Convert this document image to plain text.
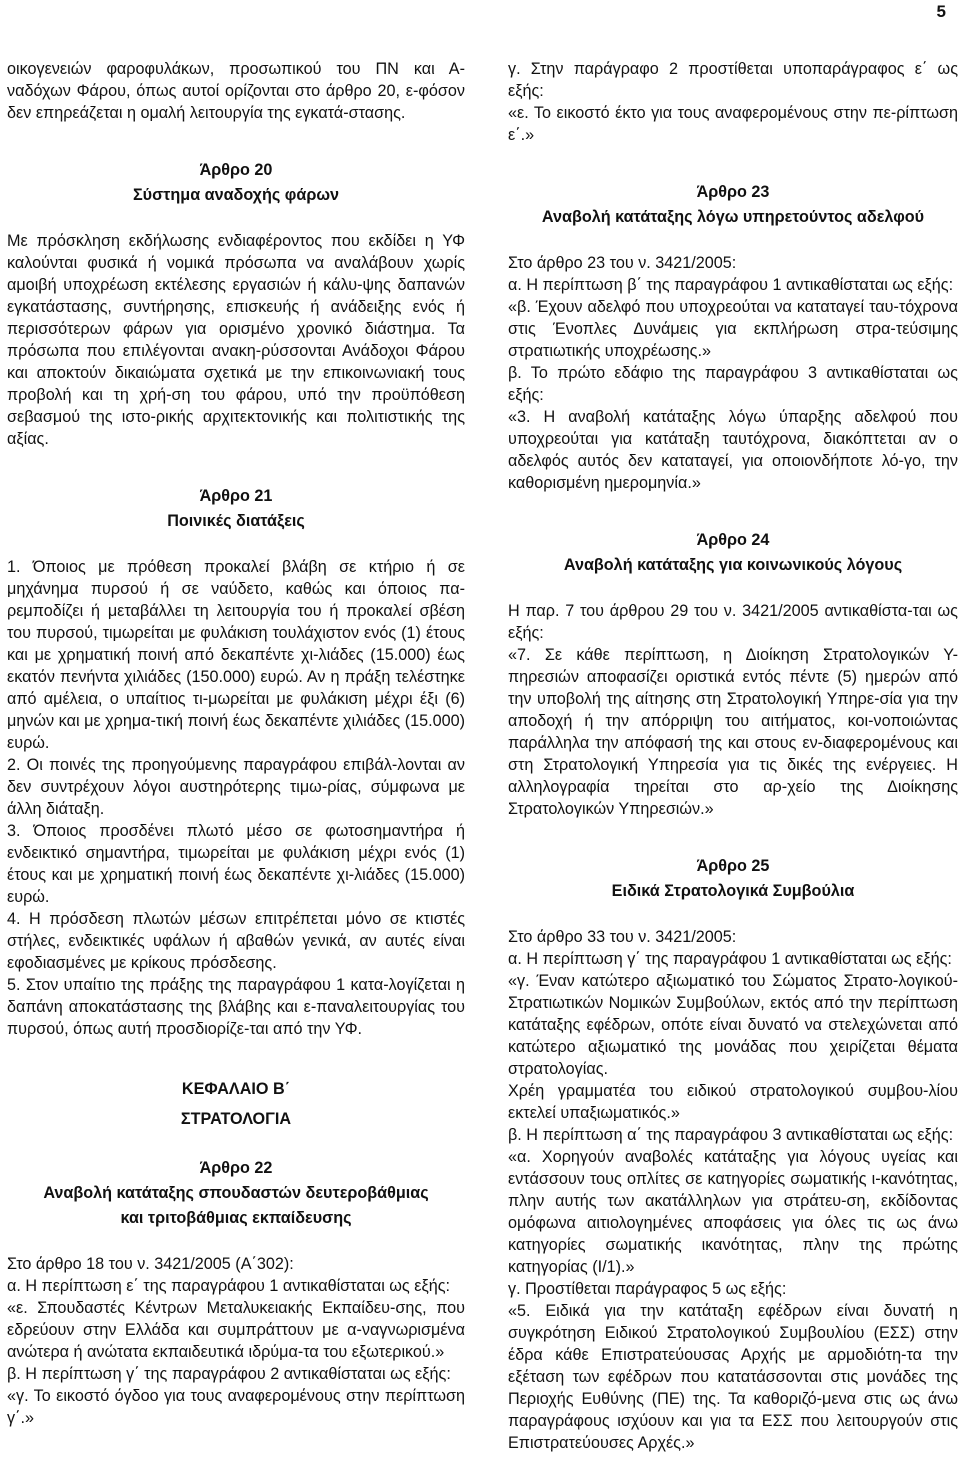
5

οικογενειών φαροφυλάκων, προσωπικού του ΠΝ και Α-ναδόχων Φάρου, όπως αυτοί ορίζονται στο άρθρο 20, ε-φόσον δεν επηρεάζεται η ομαλή λειτουργία της εγκατά-στασης.

Άρθρο 20
Σύστημα αναδοχής φάρων

Με πρόσκληση εκδήλωσης ενδιαφέροντος που εκδίδει η ΥΦ καλούνται φυσικά ή νομικά πρόσωπα να αναλάβουν χωρίς αμοιβή υποχρέωση εκτέλεσης εργασιών ή κάλυ-ψης δαπανών εγκατάστασης, συντήρησης, επισκευής ή ανάδειξης ενός ή περισσότερων φάρων για ορισμένο χρονικό διάστημα. Τα πρόσωπα που επιλέγονται ανακη-ρύσσονται Ανάδοχοι Φάρου και αποκτούν δικαιώματα σχετικά με την επικοινωνιακή τους προβολή και τη χρή-ση του φάρου, υπό την προϋπόθεση σεβασμού της ιστο-ρικής αρχιτεκτονικής και πολιτιστικής της αξίας.

Άρθρο 21
Ποινικές διατάξεις

1. Όποιος με πρόθεση προκαλεί βλάβη σε κτήριο ή σε μηχάνημα πυρσού ή σε ναύδετο, καθώς και όποιος πα-ρεμποδίζει ή μεταβάλλει τη λειτουργία του ή προκαλεί σβέση του πυρσού, τιμωρείται με φυλάκιση τουλάχιστον ενός (1) έτους και με χρηματική ποινή από δεκαπέντε χι-λιάδες (15.000) έως εκατόν πενήντα χιλιάδες (150.000) ευρώ. Αν η πράξη τελέστηκε από αμέλεια, ο υπαίτιος τι-μωρείται με φυλάκιση μέχρι έξι (6) μηνών και με χρημα-τική ποινή έως δεκαπέντε χιλιάδες (15.000) ευρώ.

2. Οι ποινές της προηγούμενης παραγράφου επιβάλ-λονται αν δεν συντρέχουν λόγοι αυστηρότερης τιμω-ρίας, σύμφωνα με άλλη διάταξη.

3. Όποιος προσδένει πλωτό μέσο σε φωτοσημαντήρα ή ενδεικτικό σημαντήρα, τιμωρείται με φυλάκιση μέχρι ενός (1) έτους και με χρηματική ποινή έως δεκαπέντε χι-λιάδες (15.000) ευρώ.

4. Η πρόσδεση πλωτών μέσων επιτρέπεται μόνο σε κτιστές στήλες, ενδεικτικές υφάλων ή αβαθών γενικά, αν αυτές είναι εφοδιασμένες με κρίκους πρόσδεσης.

5. Στον υπαίτιο της πράξης της παραγράφου 1 κατα-λογίζεται η δαπάνη αποκατάστασης της βλάβης και ε-παναλειτουργίας του πυρσού, όπως αυτή προσδιορίζε-ται από την ΥΦ.

ΚΕΦΑΛΑΙΟ Β΄
ΣΤΡΑΤΟΛΟΓΙΑ
Άρθρο 22
Αναβολή κατάταξης σπουδαστών δευτεροβάθμιας
και τριτοβάθμιας εκπαίδευσης

Στο άρθρο 18 του ν. 3421/2005 (Α΄302):

α. Η περίπτωση ε΄ της παραγράφου 1 αντικαθίσταται ως εξής:

«ε. Σπουδαστές Κέντρων Μεταλυκειακής Εκπαίδευ-σης, που εδρεύουν στην Ελλάδα και συμπράττουν με α-ναγνωρισμένα ανώτερα ή ανώτατα εκπαιδευτικά ιδρύμα-τα του εξωτερικού.»

β. Η περίπτωση γ΄ της παραγράφου 2 αντικαθίσταται ως εξής:

«γ. Το εικοστό όγδοο για τους αναφερομένους στην περίπτωση γ΄.»

γ. Στην παράγραφο 2 προστίθεται υποπαράγραφος ε΄ ως εξής:

«ε. Το εικοστό έκτο για τους αναφερομένους στην πε-ρίπτωση ε΄.»

Άρθρο 23
Αναβολή κατάταξης λόγω υπηρετούντος αδελφού

Στο άρθρο 23 του ν. 3421/2005:

α. Η περίπτωση β΄ της παραγράφου 1 αντικαθίσταται ως εξής:

«β. Έχουν αδελφό που υποχρεούται να καταταγεί ταυ-τόχρονα στις Ένοπλες Δυνάμεις για εκπλήρωση στρα-τεύσιμης στρατιωτικής υποχρέωσης.»

β. Το πρώτο εδάφιο της παραγράφου 3 αντικαθίσταται ως εξής:

«3. Η αναβολή κατάταξης λόγω ύπαρξης αδελφού που υποχρεούται για κατάταξη ταυτόχρονα, διακόπτεται αν ο αδελφός αυτός δεν καταταγεί, για οποιονδήποτε λό-γο, την καθορισμένη ημερομηνία.»

Άρθρο 24
Αναβολή κατάταξης για κοινωνικούς λόγους

Η παρ. 7 του άρθρου 29 του ν. 3421/2005 αντικαθίστα-ται ως εξής:

«7. Σε κάθε περίπτωση, η Διοίκηση Στρατολογικών Υ-πηρεσιών αποφασίζει οριστικά εντός πέντε (5) ημερών από την υποβολή της αίτησης στη Στρατολογική Υπηρε-σία για την αποδοχή ή την απόρριψη του αιτήματος, κοι-νοποιώντας παράλληλα την απόφασή της και στους εν-διαφερομένους και στη Στρατολογική Υπηρεσία για τις δικές της ενέργειες. Η αλληλογραφία τηρείται στο αρ-χείο της Διοίκησης Στρατολογικών Υπηρεσιών.»

Άρθρο 25
Ειδικά Στρατολογικά Συμβούλια

Στο άρθρο 33 του ν. 3421/2005:

α. Η περίπτωση γ΄ της παραγράφου 1 αντικαθίσταται ως εξής:

«γ. Έναν κατώτερο αξιωματικό του Σώματος Στρατο-λογικού-Στρατιωτικών Νομικών Συμβούλων, εκτός από την περίπτωση κατάταξης εφέδρων, οπότε είναι δυνατό να στελεχώνεται από κατώτερο αξιωματικό της μονάδας που χειρίζεται θέματα στρατολογίας.

Χρέη γραμματέα του ειδικού στρατολογικού συμβου-λίου εκτελεί υπαξιωματικός.»

β. Η περίπτωση α΄ της παραγράφου 3 αντικαθίσταται ως εξής:

«α. Χορηγούν αναβολές κατάταξης για λόγους υγείας και εντάσσουν τους οπλίτες σε κατηγορίες σωματικής ι-κανότητας, πλην αυτής των ακατάλληλων για στράτευ-ση, εκδίδοντας ομόφωνα αιτιολογημένες αποφάσεις για όλες τις ως άνω κατηγορίες σωματικής ικανότητας, πλην της πρώτης κατηγορίας (Ι/1).»

γ. Προστίθεται παράγραφος 5 ως εξής:

«5. Ειδικά για την κατάταξη εφέδρων είναι δυνατή η συγκρότηση Ειδικού Στρατολογικού Συμβουλίου (ΕΣΣ) στην έδρα κάθε Επιστρατεύουσας Αρχής με αρμοδιότη-τα την εξέταση των εφέδρων που κατατάσσονται στις μονάδες της Περιοχής Ευθύνης (ΠΕ) της. Τα καθοριζό-μενα στις ως άνω παραγράφους ισχύουν και για τα ΕΣΣ που λειτουργούν στις Επιστρατεύουσες Αρχές.»
